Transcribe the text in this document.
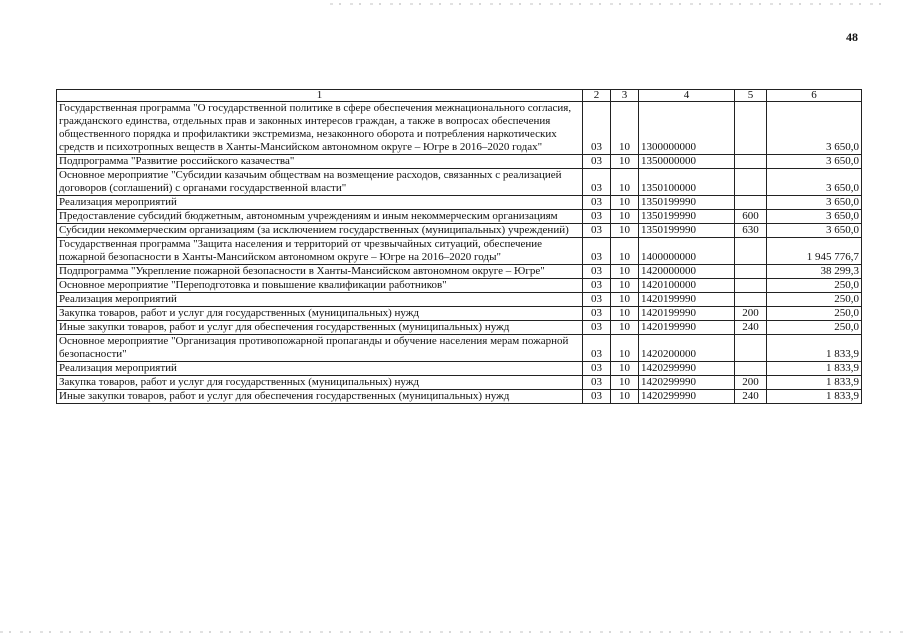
48
1	2	3	4	5	6
Государственная программа "О государственной политике в сфере обеспечения межнационального согласия, гражданского единства, отдельных прав и законных интересов граждан, а также в вопросах обеспечения общественного порядка и профилактики экстремизма, незаконного оборота и потребления наркотических средств и психотропных веществ в Ханты-Мансийском автономном округе – Югре в 2016–2020 годах"	03	10	1300000000		3 650,0
Подпрограмма "Развитие российского казачества"	03	10	1350000000		3 650,0
Основное мероприятие "Субсидии казачьим обществам на возмещение расходов, связанных с реализацией договоров (соглашений) с органами государственной власти"	03	10	1350100000		3 650,0
Реализация мероприятий	03	10	1350199990		3 650,0
Предоставление субсидий бюджетным, автономным учреждениям и иным некоммерческим организациям	03	10	1350199990	600	3 650,0
Субсидии некоммерческим организациям (за исключением государственных (муниципальных) учреждений)	03	10	1350199990	630	3 650,0
Государственная программа "Защита населения и территорий от чрезвычайных ситуаций, обеспечение пожарной безопасности в Ханты-Мансийском автономном округе – Югре на 2016–2020 годы"	03	10	1400000000		1 945 776,7
Подпрограмма "Укрепление пожарной безопасности в Ханты-Мансийском автономном округе – Югре"	03	10	1420000000		38 299,3
Основное мероприятие "Переподготовка и повышение квалификации работников"	03	10	1420100000		250,0
Реализация мероприятий	03	10	1420199990		250,0
Закупка товаров, работ и услуг для государственных (муниципальных) нужд	03	10	1420199990	200	250,0
Иные закупки товаров, работ и услуг для обеспечения государственных (муниципальных) нужд	03	10	1420199990	240	250,0
Основное мероприятие "Организация противопожарной пропаганды и обучение населения мерам пожарной безопасности"	03	10	1420200000		1 833,9
Реализация мероприятий	03	10	1420299990		1 833,9
Закупка товаров, работ и услуг для государственных (муниципальных) нужд	03	10	1420299990	200	1 833,9
Иные закупки товаров, работ и услуг для обеспечения государственных (муниципальных) нужд	03	10	1420299990	240	1 833,9
